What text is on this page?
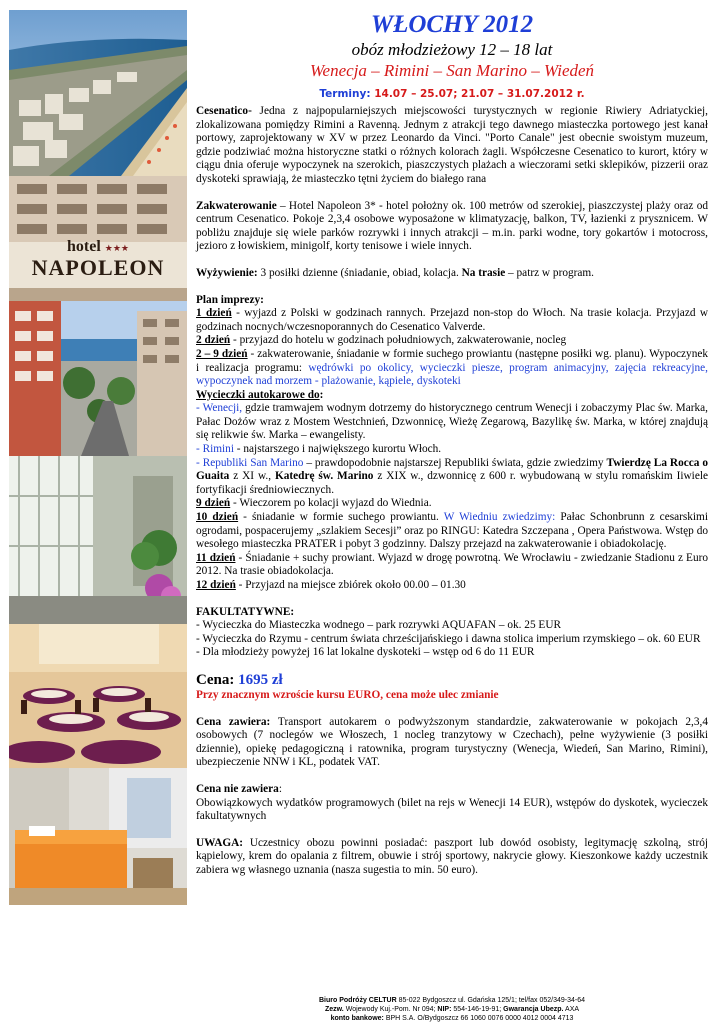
hotel ★★★
NAPOLEON
WŁOCHY 2012
obóz młodzieżowy 12 – 18 lat
Wenecja – Rimini – San Marino – Wiedeń
Terminy: 14.07 – 25.07; 21.07 – 31.07.2012 r.

Cesenatico- Jedna z najpopularniejszych miejscowości turystycznych w regionie Riwiery Adriatyckiej, zlokalizowana pomiędzy Rimini a Ravenną. Jednym z atrakcji tego dawnego miasteczka portowego jest kanał portowy, zaprojektowany w XV w przez Leonardo da Vinci. "Porto Canale" jest obecnie swoistym muzeum, gdzie podziwiać można historyczne statki o różnych kolorach żagli. Współczesne Cesenatico to kurort, który w ciągu dnia oferuje wypoczynek na szerokich, piaszczystych plażach a wieczorami setki sklepików, pizzerii oraz dyskoteki sprawiają, że miasteczko tętni życiem do białego rana

Zakwaterowanie – Hotel Napoleon 3* - hotel położny ok. 100 metrów od szerokiej, piaszczystej plaży oraz od centrum Cesenatico. Pokoje 2,3,4 osobowe wyposażone w klimatyzację, balkon, TV, łazienki z prysznicem. W pobliżu znajduje się wiele parków rozrywki i innych atrakcji – m.in. parki wodne, tory gokartów i motocross, jezioro z łowiskiem, minigolf, korty tenisowe i wiele innych.

Wyżywienie: 3 posiłki dzienne (śniadanie, obiad, kolacja. Na trasie – patrz w program.

Plan imprezy:

1 dzień - wyjazd z Polski w godzinach rannych. Przejazd non-stop do Włoch. Na trasie kolacja. Przyjazd w godzinach nocnych/wczesnoporannych do Cesenatico Valverde.

2 dzień - przyjazd do hotelu w godzinach południowych, zakwaterowanie, nocleg

2 – 9 dzień - zakwaterowanie, śniadanie w formie suchego prowiantu (następne posiłki wg. planu). Wypoczynek i realizacja programu: wędrówki po okolicy, wycieczki piesze, program animacyjny, zajęcia rekreacyjne, wypoczynek nad morzem - plażowanie, kąpiele, dyskoteki

Wycieczki autokarowe do:

- Wenecji, gdzie tramwajem wodnym dotrzemy do historycznego centrum Wenecji i zobaczymy Plac św. Marka, Pałac Dożów wraz z Mostem Westchnień, Dzwonnicę, Wieżę Zegarową, Bazylikę św. Marka, w której znajdują się relikwie św. Marka – ewangelisty.

- Rimini - najstarszego i największego kurortu Włoch.

- Republiki San Marino – prawdopodobnie najstarszej Republiki świata, gdzie zwiedzimy Twierdzę La Rocca o Guaita z XI w., Katedrę św. Marino z XIX w., dzwonnicę z 600 r. wybudowaną w stylu romańskim Iiwiele fortyfikacji średniowiecznych.

9 dzień - Wieczorem po kolacji wyjazd do Wiednia.

10 dzień - śniadanie w formie suchego prowiantu. W Wiedniu zwiedzimy: Pałac Schonbrunn z cesarskimi ogrodami, pospacerujemy „szlakiem Secesji” oraz po RINGU: Katedra Szczepana , Opera Państwowa. Wstęp do wesołego miasteczka PRATER i pobyt 3 godzinny. Dalszy przejazd na zakwaterowanie i obiadokolację.

11 dzień - Śniadanie + suchy prowiant. Wyjazd w drogę powrotną. We Wrocławiu - zwiedzanie Stadionu z Euro 2012. Na trasie obiadokolacja.

12 dzień - Przyjazd na miejsce zbiórek około 00.00 – 01.30

FAKULTATYWNE:

- Wycieczka do Miasteczka wodnego – park rozrywki AQUAFAN – ok. 25 EUR

- Wycieczka do Rzymu - centrum świata chrześcijańskiego i dawna stolica imperium rzymskiego – ok. 60 EUR

- Dla młodzieży powyżej 16 lat lokalne dyskoteki – wstęp od 6 do 11 EUR

Cena: 1695 zł

Przy znacznym wzroście kursu EURO, cena może ulec zmianie

Cena zawiera: Transport autokarem o podwyższonym standardzie, zakwaterowanie w pokojach 2,3,4 osobowych (7 noclegów we Włoszech, 1 nocleg tranzytowy w Czechach), pełne wyżywienie (3 posiłki dziennie), opiekę pedagogiczną i ratownika, program turystyczny (Wenecja, Wiedeń, San Marino, Rimini), ubezpieczenie NNW i KL, podatek VAT.

Cena nie zawiera:

Obowiązkowych wydatków programowych (bilet na rejs w Wenecji 14 EUR), wstępów do dyskotek, wycieczek fakultatywnych

UWAGA: Uczestnicy obozu powinni posiadać: paszport lub dowód osobisty, legitymację szkolną, strój kąpielowy, krem do opalania z filtrem, obuwie i strój sportowy, nakrycie głowy. Kieszonkowe każdy uczestnik zabiera wg własnego uznania (nasza sugestia to min. 50 euro).

Biuro Podróży CELTUR 85-022 Bydgoszcz ul. Gdańska 125/1; tel/fax 052/349-34-64
Zezw. Wojewody Kuj.-Pom. Nr 094; NIP: 554-146-19-91; Gwarancja Ubezp. AXA
konto bankowe: BPH S.A. O/Bydgoszcz 66 1060 0076 0000 4012 0004 4713
